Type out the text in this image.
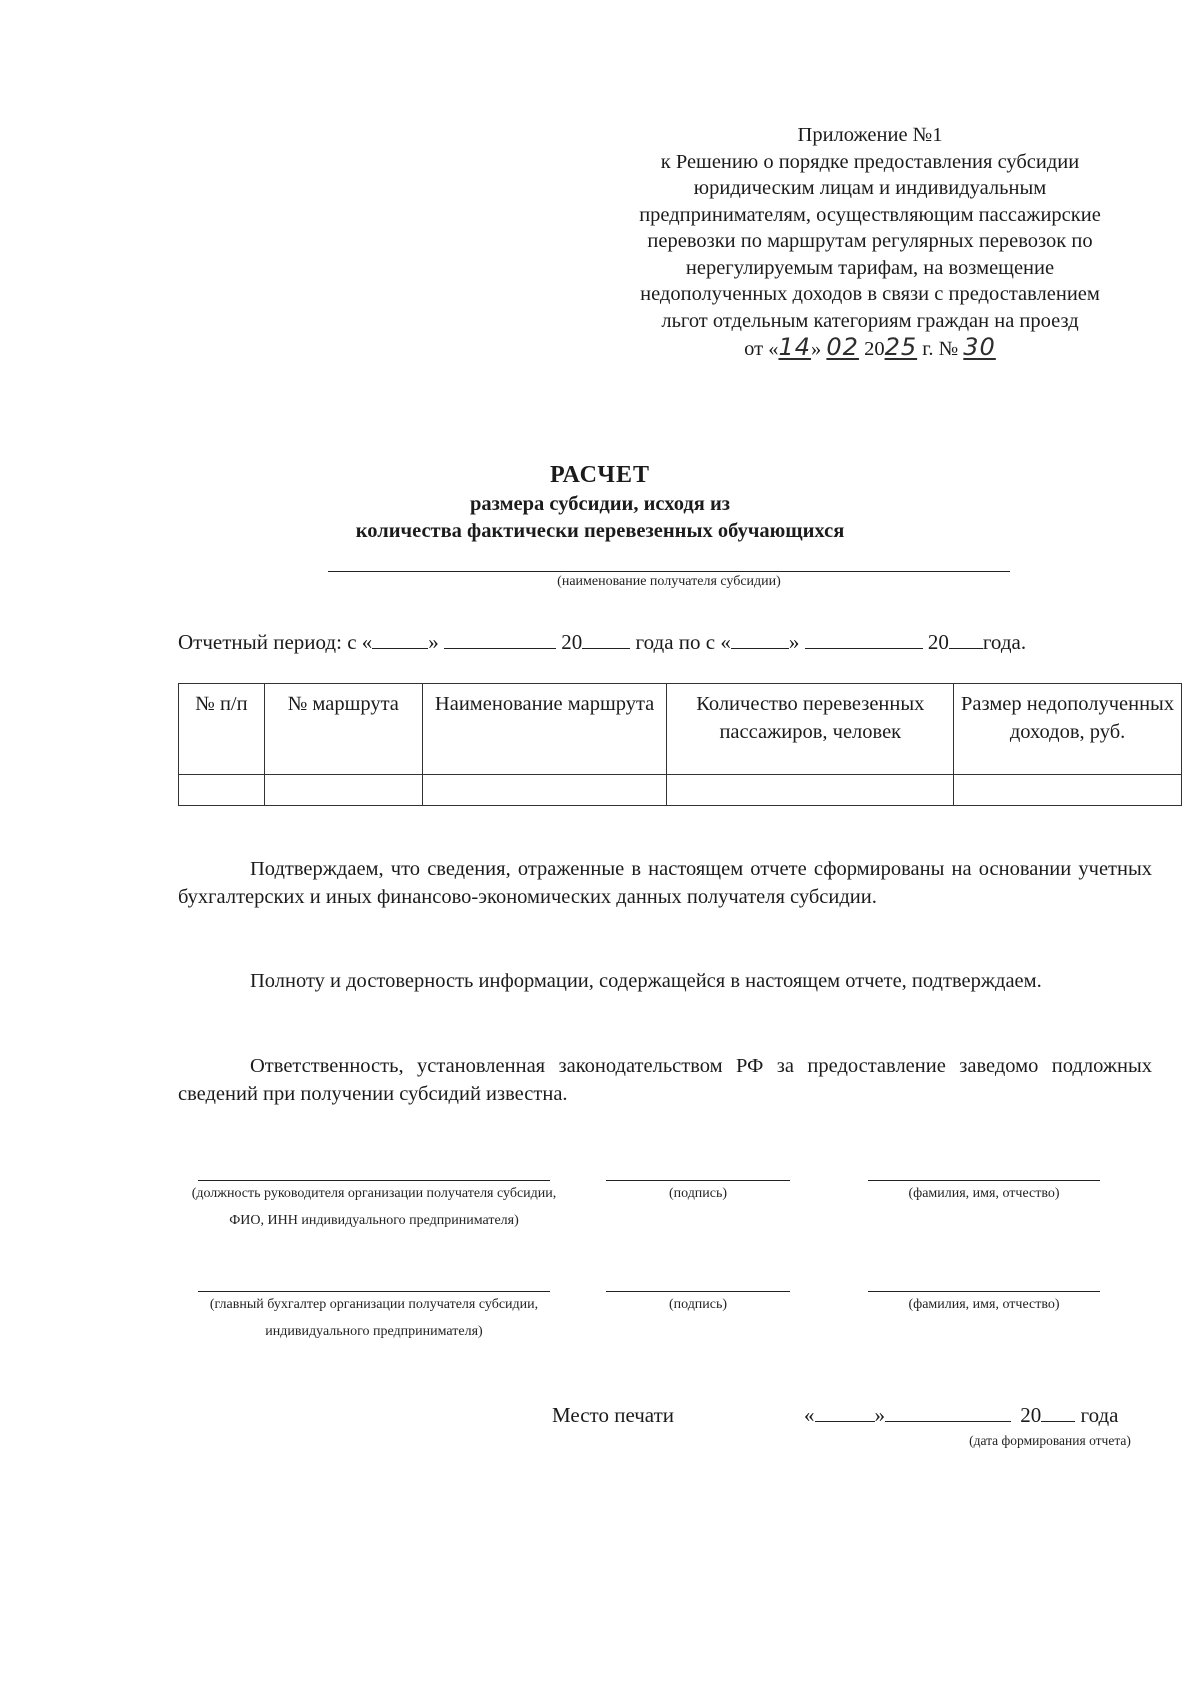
Приложение №1
к Решению о порядке предоставления субсидии
юридическим лицам и индивидуальным
предпринимателям, осуществляющим пассажирские
перевозки по маршрутам регулярных перевозок по
нерегулируемым тарифам, на возмещение
недополученных доходов в связи с предоставлением
льгот отдельным категориям граждан на проезд
от «14» 02 2025 г. № 30
РАСЧЕТ
размера субсидии, исходя из
количества фактически перевезенных обучающихся
(наименование получателя субсидии)
Отчетный период: с «	»	20	года по с «	»	20 года.
№ п/п	№ маршрута	Наименование маршрута	Количество перевезенных пассажиров, человек	Размер недополученных доходов, руб.

Подтверждаем, что сведения, отраженные в настоящем отчете сформированы на основании учетных бухгалтерских и иных финансово-экономических данных получателя субсидии.
Полноту и достоверность информации, содержащейся в настоящем отчете, подтверждаем.
Ответственность, установленная законодательством РФ за предоставление заведомо подложных сведений при получении субсидий известна.
(должность руководителя организации получателя субсидии, ФИО, ИНН индивидуального предпринимателя)
(подпись)	(фамилия, имя, отчество)
(главный бухгалтер организации получателя субсидии, индивидуального предпринимателя)
(подпись)	(фамилия, имя, отчество)
Место печати	«	»	20 года
(дата формирования отчета)
